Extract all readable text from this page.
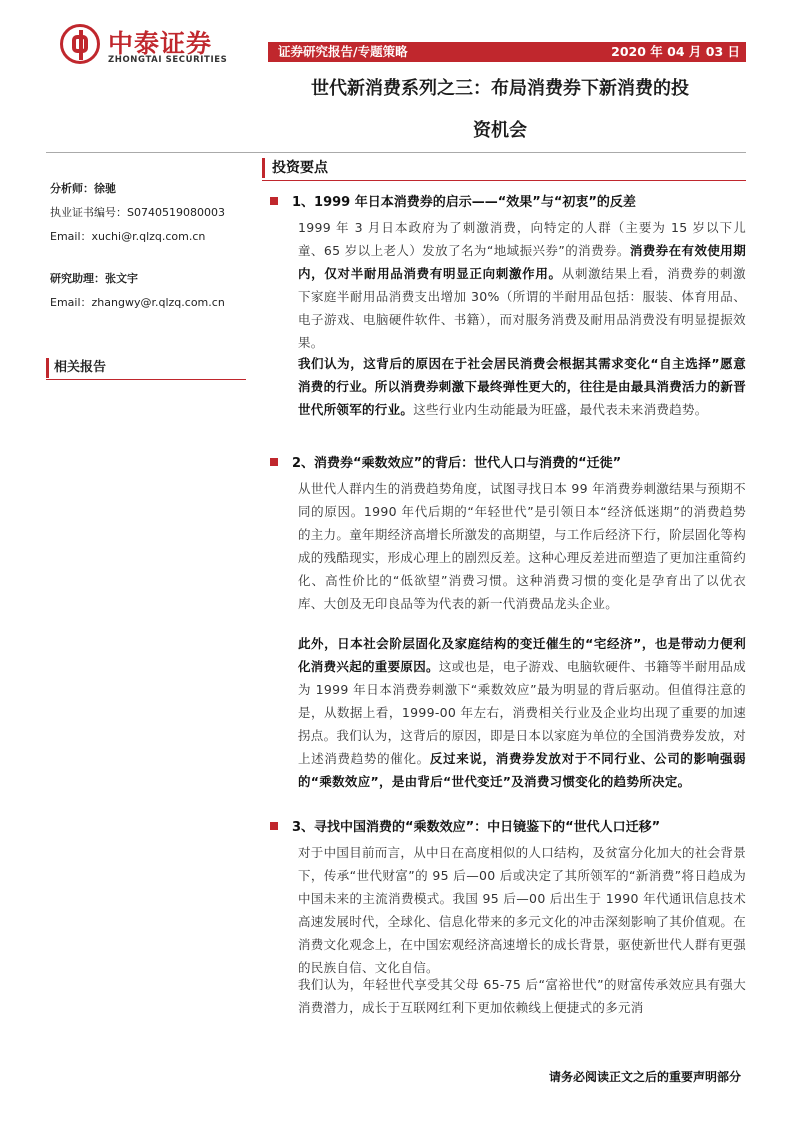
中泰证券
ZHONGTAI SECURITIES
证券研究报告/专题策略	2020 年 04 月 03 日
世代新消费系列之三：布局消费券下新消费的投
资机会
分析师：徐驰
执业证书编号：S0740519080003
Email：xuchi@r.qlzq.com.cn
研究助理：张文宇
Email：zhangwy@r.qlzq.com.cn
相关报告
投资要点
1、1999 年日本消费券的启示——“效果”与“初衷”的反差
1999 年 3 月日本政府为了刺激消费，向特定的人群（主要为 15 岁以下儿童、65 岁以上老人）发放了名为“地域振兴券”的消费券。消费券在有效使用期内，仅对半耐用品消费有明显正向刺激作用。从刺激结果上看，消费券的刺激下家庭半耐用品消费支出增加 30%（所谓的半耐用品包括：服装、体育用品、电子游戏、电脑硬件软件、书籍），而对服务消费及耐用品消费没有明显提振效果。
我们认为，这背后的原因在于社会居民消费会根据其需求变化“自主选择”愿意消费的行业。所以消费券刺激下最终弹性更大的，往往是由最具消费活力的新晋世代所领军的行业。这些行业内生动能最为旺盛，最代表未来消费趋势。
2、消费券“乘数效应”的背后：世代人口与消费的“迁徙”
从世代人群内生的消费趋势角度，试图寻找日本 99 年消费券刺激结果与预期不同的原因。1990 年代后期的“年轻世代”是引领日本“经济低迷期”的消费趋势的主力。童年期经济高增长所激发的高期望，与工作后经济下行，阶层固化等构成的残酷现实，形成心理上的剧烈反差。这种心理反差进而塑造了更加注重简约化、高性价比的“低欲望”消费习惯。这种消费习惯的变化是孕育出了以优衣库、大创及无印良品等为代表的新一代消费品龙头企业。
此外，日本社会阶层固化及家庭结构的变迁催生的“宅经济”，也是带动力便利化消费兴起的重要原因。这或也是，电子游戏、电脑软硬件、书籍等半耐用品成为 1999 年日本消费券刺激下“乘数效应”最为明显的背后驱动。但值得注意的是，从数据上看，1999-00 年左右，消费相关行业及企业均出现了重要的加速拐点。我们认为，这背后的原因，即是日本以家庭为单位的全国消费券发放，对上述消费趋势的催化。反过来说，消费券发放对于不同行业、公司的影响强弱的“乘数效应”，是由背后“世代变迁”及消费习惯变化的趋势所决定。
3、寻找中国消费的“乘数效应”：中日镜鉴下的“世代人口迁移”
对于中国目前而言，从中日在高度相似的人口结构，及贫富分化加大的社会背景下，传承“世代财富”的 95 后—00 后或决定了其所领军的“新消费”将日趋成为中国未来的主流消费模式。我国 95 后—00 后出生于 1990 年代通讯信息技术高速发展时代，全球化、信息化带来的多元文化的冲击深刻影响了其价值观。在消费文化观念上，在中国宏观经济高速增长的成长背景，驱使新世代人群有更强的民族自信、文化自信。
我们认为，年轻世代享受其父母 65-75 后“富裕世代”的财富传承效应具有强大消费潜力，成长于互联网红利下更加依赖线上便捷式的多元消
请务必阅读正文之后的重要声明部分
